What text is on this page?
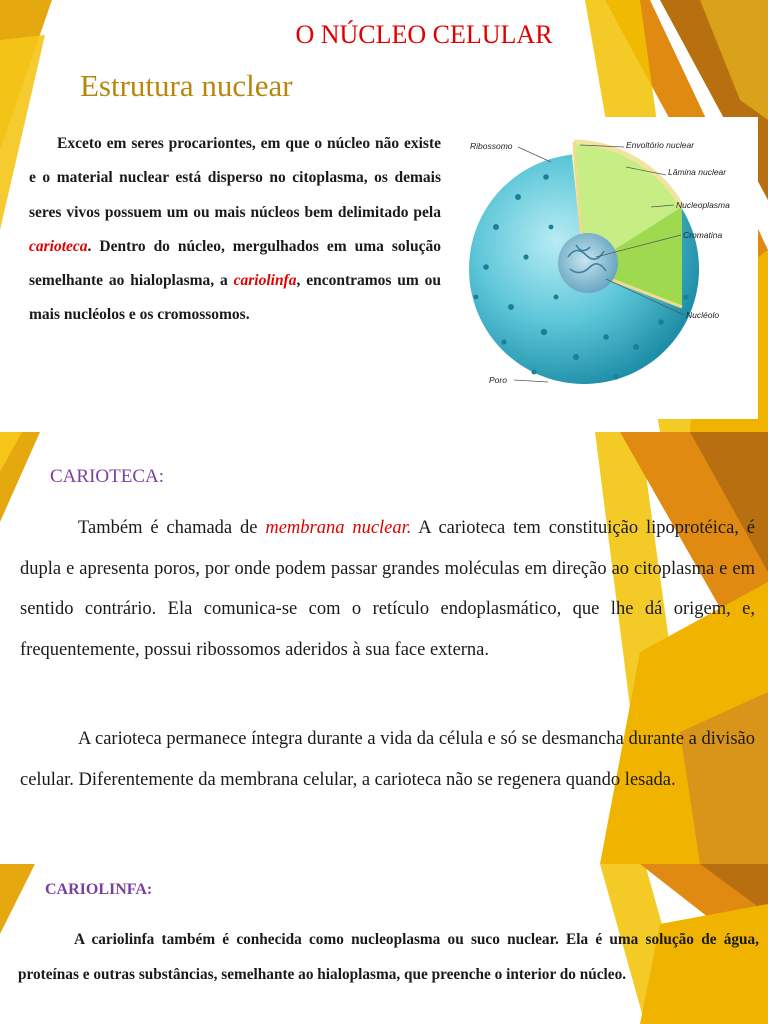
O NÚCLEO CELULAR
Estrutura nuclear
Exceto em seres procariontes, em que o núcleo não existe e o material nuclear está disperso no citoplasma, os demais seres vivos possuem um ou mais núcleos bem delimitado pela carioteca. Dentro do núcleo, mergulhados em uma solução semelhante ao hialoplasma, a cariolinfa, encontramos um ou mais nucléolos e os cromossomos.
Ribossomo	Envoltório nuclear
Lâmina nuclear
Nucleoplasma
Cromatina
Nucléolo
Poro
CARIOTECA:
Também é chamada de membrana nuclear. A carioteca tem constituição lipoprotéica, é dupla e apresenta poros, por onde podem passar grandes moléculas em direção ao citoplasma e em sentido contrário. Ela comunica-se com o retículo endoplasmático, que lhe dá origem, e, frequentemente, possui ribossomos aderidos à sua face externa.
A carioteca permanece íntegra durante a vida da célula e só se desmancha durante a divisão celular. Diferentemente da membrana celular, a carioteca não se regenera quando lesada.
CARIOLINFA:
A cariolinfa também é conhecida como nucleoplasma ou suco nuclear. Ela é uma solução de água, proteínas e outras substâncias, semelhante ao hialoplasma, que preenche o interior do núcleo.
